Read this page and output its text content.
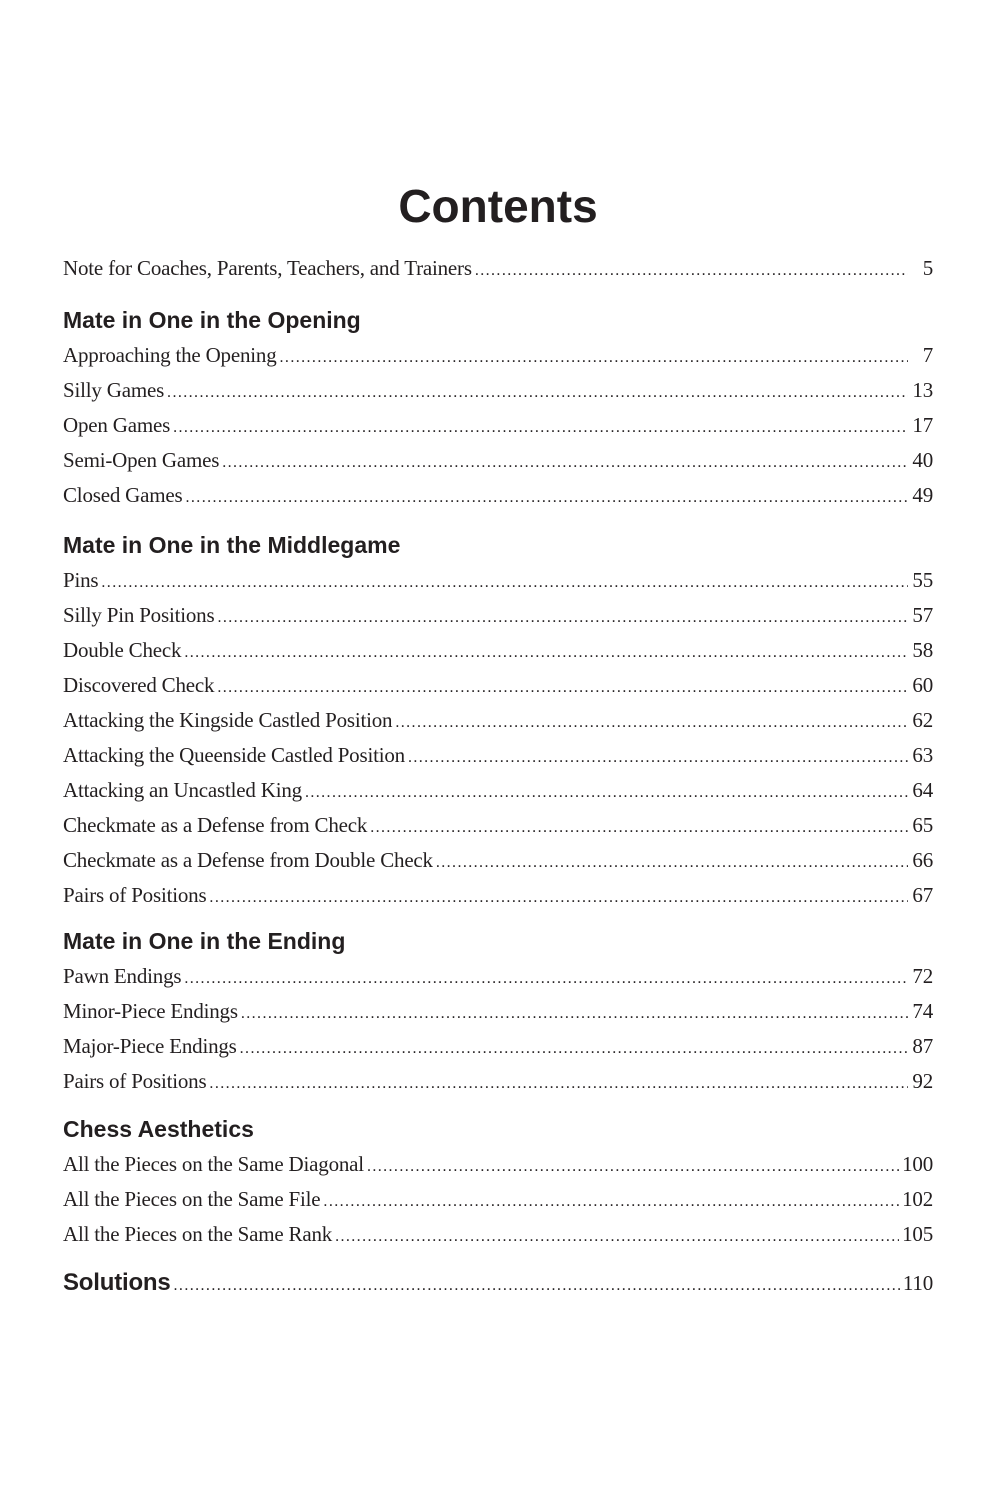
Contents
Note for Coaches, Parents, Teachers, and Trainers .....	5
Mate in One in the Opening
Approaching the Opening .....	7
Silly Games .....	13
Open Games .....	17
Semi-Open Games .....	40
Closed Games .....	49
Mate in One in the Middlegame
Pins .....	55
Silly Pin Positions .....	57
Double Check .....	58
Discovered Check .....	60
Attacking the Kingside Castled Position .....	62
Attacking the Queenside Castled Position .....	63
Attacking an Uncastled King .....	64
Checkmate as a Defense from Check .....	65
Checkmate as a Defense from Double Check .....	66
Pairs of Positions .....	67
Mate in One in the Ending
Pawn Endings .....	72
Minor-Piece Endings .....	74
Major-Piece Endings .....	87
Pairs of Positions .....	92
Chess Aesthetics
All the Pieces on the Same Diagonal .....	100
All the Pieces on the Same File .....	102
All the Pieces on the Same Rank .....	105
Solutions .....	110
